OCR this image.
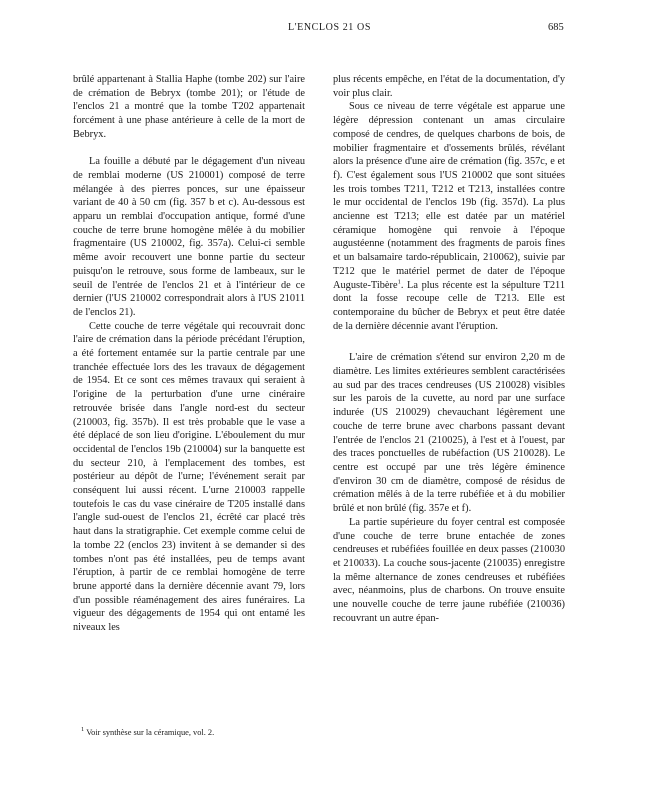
L'ENCLOS 21 OS	685

brûlé appartenant à Stallia Haphe (tombe 202) sur l'aire de crémation de Bebryx (tombe 201); or l'étude de l'enclos 21 a montré que la tombe T202 appartenait forcément à une phase antérieure à celle de la mort de Bebryx.

La fouille a débuté par le dégagement d'un niveau de remblai moderne (US 210001) composé de terre mélangée à des pierres ponces, sur une épaisseur variant de 40 à 50 cm (fig. 357 b et c). Au-dessous est apparu un remblai d'occupation antique, formé d'une couche de terre brune homogène mêlée à du mobilier fragmentaire (US 210002, fig. 357a). Celui-ci semble même avoir recouvert une bonne partie du secteur puisqu'on le retrouve, sous forme de lambeaux, sur le seuil de l'entrée de l'enclos 21 et à l'intérieur de ce dernier (l'US 210002 correspondrait alors à l'US 21011 de l'enclos 21).

Cette couche de terre végétale qui recouvrait donc l'aire de crémation dans la période précédant l'éruption, a été fortement entamée sur la partie centrale par une tranchée effectuée lors des les travaux de dégagement de 1954. Et ce sont ces mêmes travaux qui seraient à l'origine de la perturbation d'une urne cinéraire retrouvée brisée dans l'angle nord-est du secteur (210003, fig. 357b). Il est très probable que le vase a été déplacé de son lieu d'origine. L'éboulement du mur occidental de l'enclos 19b (210004) sur la banquette est du secteur 210, à l'emplacement des tombes, est postérieur au dépôt de l'urne; l'événement serait par conséquent lui aussi récent. L'urne 210003 rappelle toutefois le cas du vase cinéraire de T205 installé dans l'angle sud-ouest de l'enclos 21, écrêté car placé très haut dans la stratigraphie. Cet exemple comme celui de la tombe 22 (enclos 23) invitent à se demander si des tombes n'ont pas été installées, peu de temps avant l'éruption, à partir de ce remblai homogène de terre brune apporté dans la dernière décennie avant 79, lors d'un possible réaménagement des aires funéraires. La vigueur des dégagements de 1954 qui ont entamé les niveaux les

plus récents empêche, en l'état de la documentation, d'y voir plus clair.

Sous ce niveau de terre végétale est apparue une légère dépression contenant un amas circulaire composé de cendres, de quelques charbons de bois, de mobilier fragmentaire et d'ossements brûlés, révélant alors la présence d'une aire de crémation (fig. 357c, e et f). C'est également sous l'US 210002 que sont situées les trois tombes T211, T212 et T213, installées contre le mur occidental de l'enclos 19b (fig. 357d). La plus ancienne est T213; elle est datée par un matériel céramique homogène qui renvoie à l'époque augustéenne (notamment des fragments de parois fines et un balsamaire tardo-républicain, 210062), suivie par T212 que le matériel permet de dater de l'époque Auguste-Tibère$^1$. La plus récente est la sépulture T211 dont la fosse recoupe celle de T213. Elle est contemporaine du bûcher de Bebryx et peut être datée de la dernière décennie avant l'éruption.

L'aire de crémation s'étend sur environ 2,20 m de diamètre. Les limites extérieures semblent caractérisées au sud par des traces cendreuses (US 210028) visibles sur les parois de la cuvette, au nord par une surface indurée (US 210029) chevauchant légèrement une couche de terre brune avec charbons passant devant l'entrée de l'enclos 21 (210025), à l'est et à l'ouest, par des traces ponctuelles de rubéfaction (US 210028). Le centre est occupé par une très légère éminence d'environ 30 cm de diamètre, composé de résidus de crémation mêlés à de la terre rubéfiée et à du mobilier brûlé et non brûlé (fig. 357e et f).

La partie supérieure du foyer central est composée d'une couche de terre brune entachée de zones cendreuses et rubéfiées fouillée en deux passes (210030 et 210033). La couche sous-jacente (210035) enregistre la même alternance de zones cendreuses et rubéfiées avec, néanmoins, plus de charbons. On trouve ensuite une nouvelle couche de terre jaune rubéfiée (210036) recouvrant un autre épan-

$^1$ Voir synthèse sur la céramique, vol. 2.
